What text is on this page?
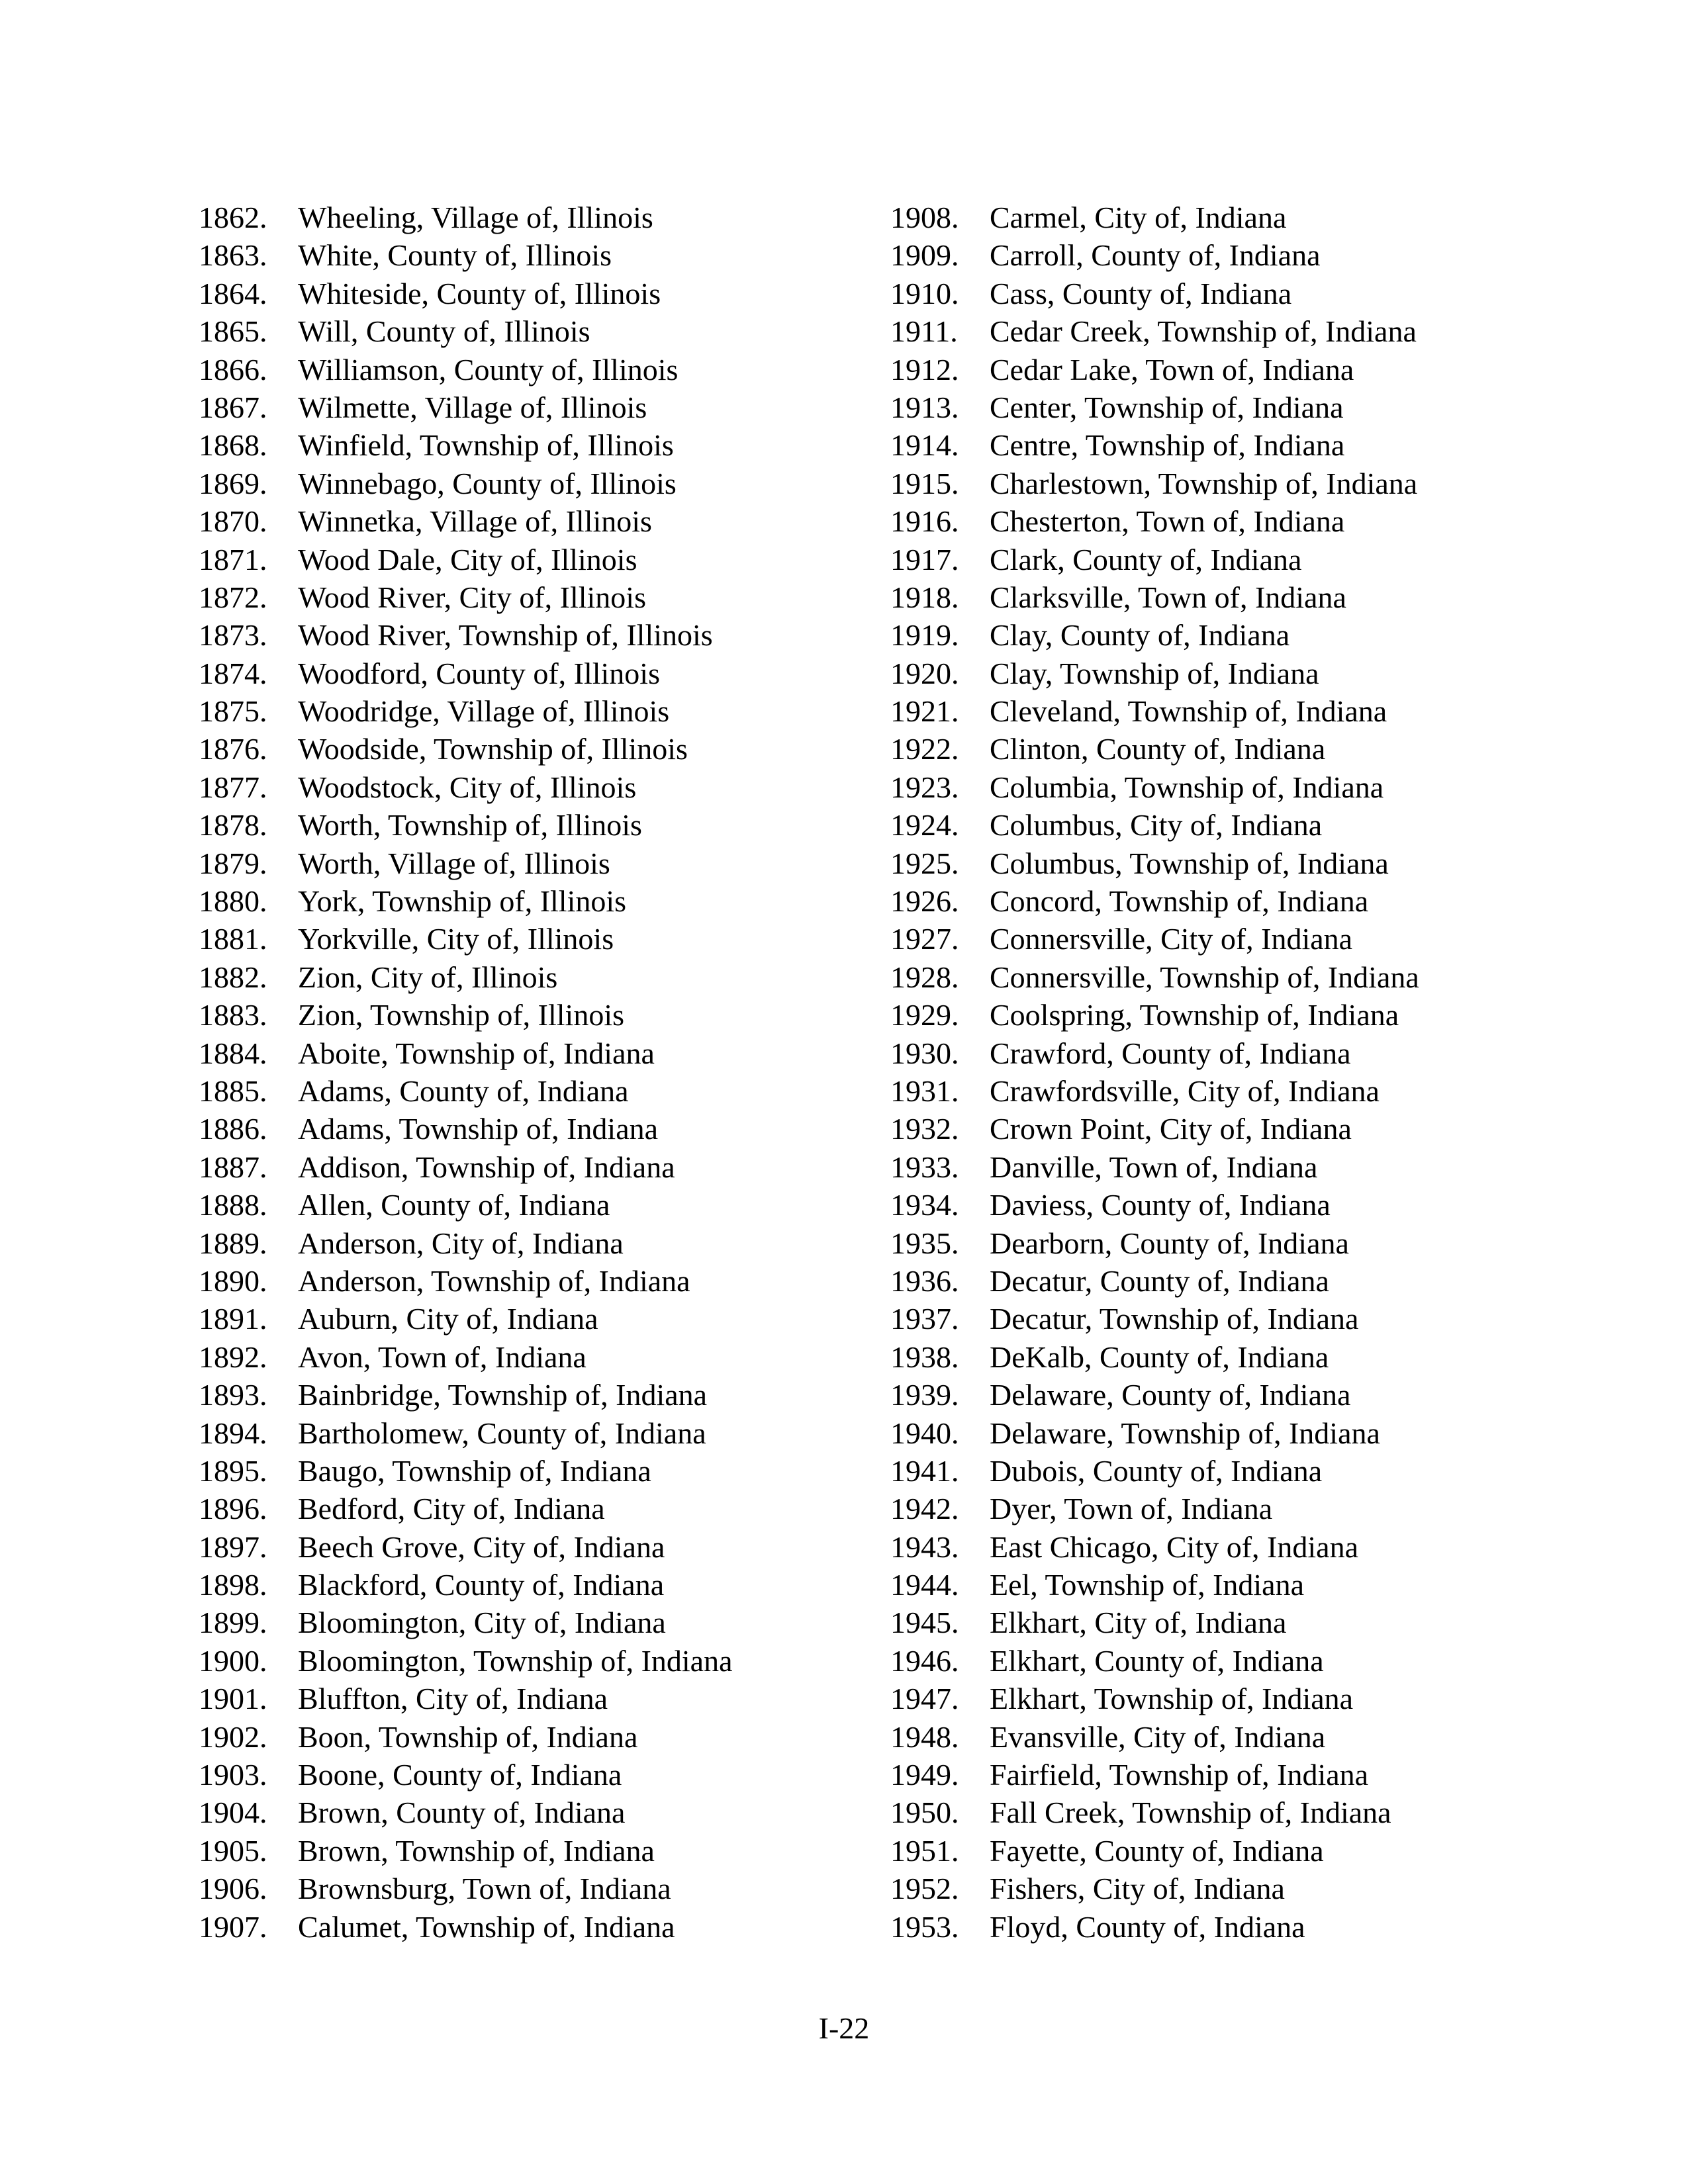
1862.	Wheeling, Village of, Illinois
1863.	White, County of, Illinois
1864.	Whiteside, County of, Illinois
1865.	Will, County of, Illinois
1866.	Williamson, County of, Illinois
1867.	Wilmette, Village of, Illinois
1868.	Winfield, Township of, Illinois
1869.	Winnebago, County of, Illinois
1870.	Winnetka, Village of, Illinois
1871.	Wood Dale, City of, Illinois
1872.	Wood River, City of, Illinois
1873.	Wood River, Township of, Illinois
1874.	Woodford, County of, Illinois
1875.	Woodridge, Village of, Illinois
1876.	Woodside, Township of, Illinois
1877.	Woodstock, City of, Illinois
1878.	Worth, Township of, Illinois
1879.	Worth, Village of, Illinois
1880.	York, Township of, Illinois
1881.	Yorkville, City of, Illinois
1882.	Zion, City of, Illinois
1883.	Zion, Township of, Illinois
1884.	Aboite, Township of, Indiana
1885.	Adams, County of, Indiana
1886.	Adams, Township of, Indiana
1887.	Addison, Township of, Indiana
1888.	Allen, County of, Indiana
1889.	Anderson, City of, Indiana
1890.	Anderson, Township of, Indiana
1891.	Auburn, City of, Indiana
1892.	Avon, Town of, Indiana
1893.	Bainbridge, Township of, Indiana
1894.	Bartholomew, County of, Indiana
1895.	Baugo, Township of, Indiana
1896.	Bedford, City of, Indiana
1897.	Beech Grove, City of, Indiana
1898.	Blackford, County of, Indiana
1899.	Bloomington, City of, Indiana
1900.	Bloomington, Township of, Indiana
1901.	Bluffton, City of, Indiana
1902.	Boon, Township of, Indiana
1903.	Boone, County of, Indiana
1904.	Brown, County of, Indiana
1905.	Brown, Township of, Indiana
1906.	Brownsburg, Town of, Indiana
1907.	Calumet, Township of, Indiana
1908.	Carmel, City of, Indiana
1909.	Carroll, County of, Indiana
1910.	Cass, County of, Indiana
1911.	Cedar Creek, Township of, Indiana
1912.	Cedar Lake, Town of, Indiana
1913.	Center, Township of, Indiana
1914.	Centre, Township of, Indiana
1915.	Charlestown, Township of, Indiana
1916.	Chesterton, Town of, Indiana
1917.	Clark, County of, Indiana
1918.	Clarksville, Town of, Indiana
1919.	Clay, County of, Indiana
1920.	Clay, Township of, Indiana
1921.	Cleveland, Township of, Indiana
1922.	Clinton, County of, Indiana
1923.	Columbia, Township of, Indiana
1924.	Columbus, City of, Indiana
1925.	Columbus, Township of, Indiana
1926.	Concord, Township of, Indiana
1927.	Connersville, City of, Indiana
1928.	Connersville, Township of, Indiana
1929.	Coolspring, Township of, Indiana
1930.	Crawford, County of, Indiana
1931.	Crawfordsville, City of, Indiana
1932.	Crown Point, City of, Indiana
1933.	Danville, Town of, Indiana
1934.	Daviess, County of, Indiana
1935.	Dearborn, County of, Indiana
1936.	Decatur, County of, Indiana
1937.	Decatur, Township of, Indiana
1938.	DeKalb, County of, Indiana
1939.	Delaware, County of, Indiana
1940.	Delaware, Township of, Indiana
1941.	Dubois, County of, Indiana
1942.	Dyer, Town of, Indiana
1943.	East Chicago, City of, Indiana
1944.	Eel, Township of, Indiana
1945.	Elkhart, City of, Indiana
1946.	Elkhart, County of, Indiana
1947.	Elkhart, Township of, Indiana
1948.	Evansville, City of, Indiana
1949.	Fairfield, Township of, Indiana
1950.	Fall Creek, Township of, Indiana
1951.	Fayette, County of, Indiana
1952.	Fishers, City of, Indiana
1953.	Floyd, County of, Indiana
I-22
